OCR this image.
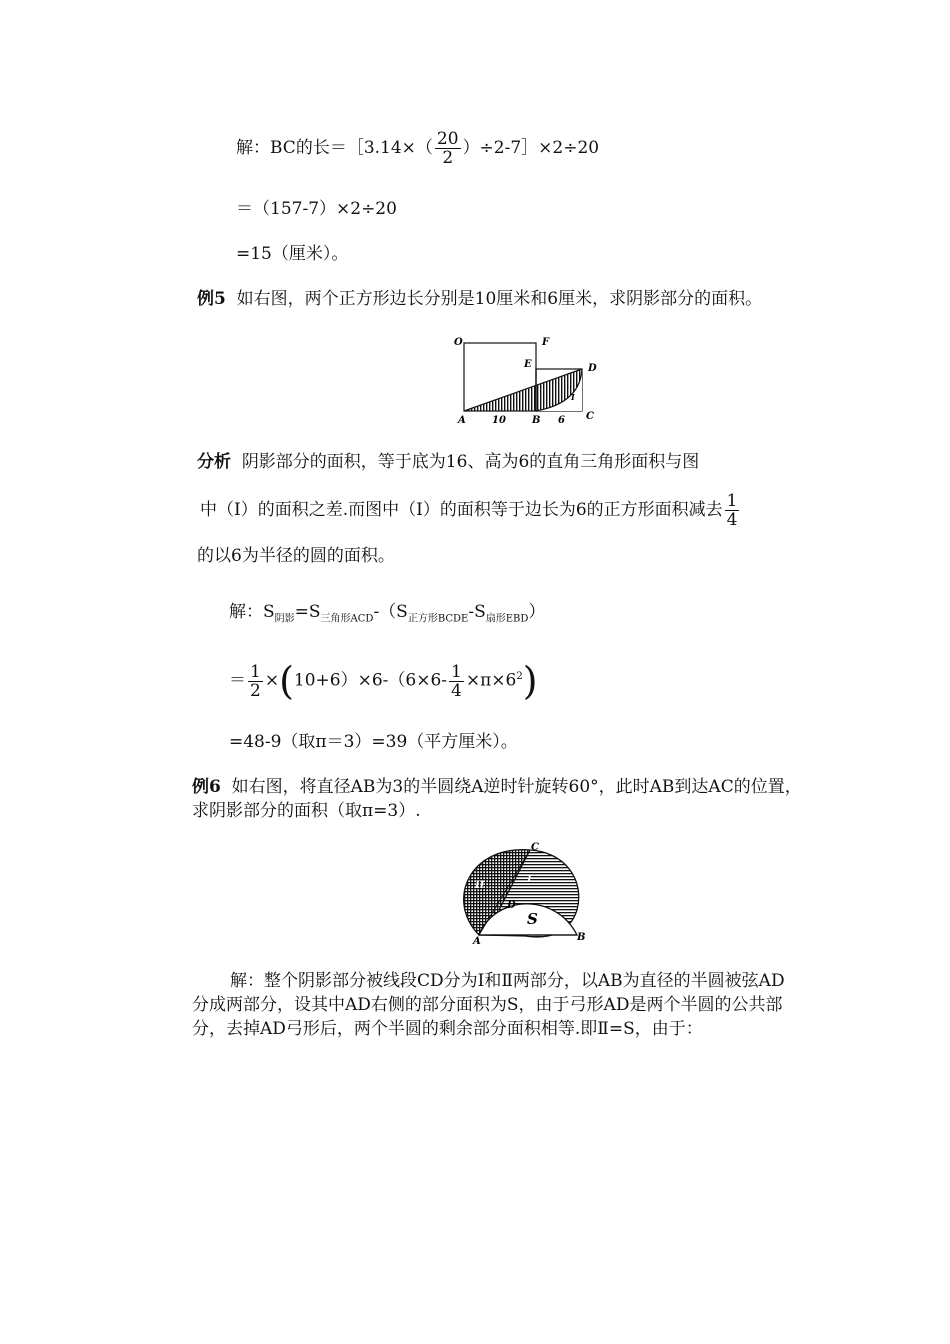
解：BC的长＝［3.14×（ $\frac{20}{2}$ ）÷2-7］×2÷20
＝（157-7）×2÷20
=15（厘米）。
例5 如右图，两个正方形边长分别是10厘米和6厘米，求阴影部分的面积。
O	F
E	D
I
A	10	B 6 C
分析 阴影部分的面积，等于底为16、高为6的直角三角形面积与图
中（Ⅰ）的面积之差.而图中（Ⅰ）的面积等于边长为6的正方形面积减去 $\frac{1}{4}$
的以6为半径的圆的面积。
解：$S_{阴影}=S_{三角形ACD}-(S_{正方形BCDE}-S_{扇形EBD})$
＝ $\frac{1}{2} \times(10+6)\times 6-(6\times 6- \frac{1}{4} \times\pi\times 6^2)$
=48-9（取π＝3）=39（平方厘米）。
例6 如右图，将直径AB为3的半圆绕A逆时针旋转60°，此时AB到达AC的位置，
求阴影部分的面积（取π=3）.
C
I
II
D
S
A	B
解：整个阴影部分被线段CD分为Ⅰ和Ⅱ两部分，以AB为直径的半圆被弦AD
分成两部分，设其中AD右侧的部分面积为S，由于弓形AD是两个半圆的公共部
分，去掉AD弓形后，两个半圆的剩余部分面积相等.即Ⅱ=S，由于：
